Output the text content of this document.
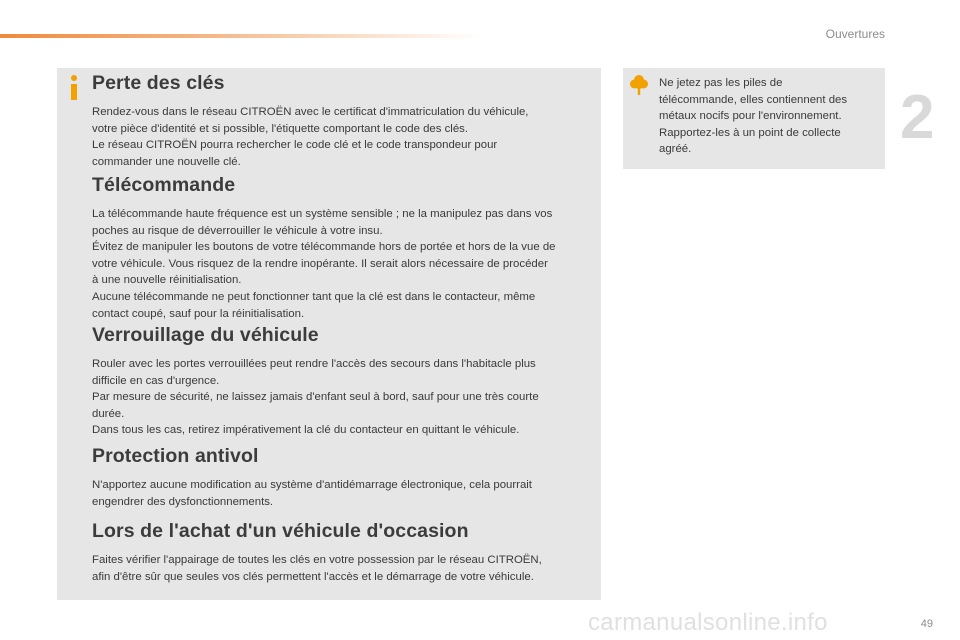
Ouvertures
2
Perte des clés

Rendez-vous dans le réseau CITROËN avec le certificat d'immatriculation du véhicule,
votre pièce d'identité et si possible, l'étiquette comportant le code des clés.
Le réseau CITROËN pourra rechercher le code clé et le code transpondeur pour
commander une nouvelle clé.

Télécommande

La télécommande haute fréquence est un système sensible ; ne la manipulez pas dans vos
poches au risque de déverrouiller le véhicule à votre insu.
Évitez de manipuler les boutons de votre télécommande hors de portée et hors de la vue de
votre véhicule. Vous risquez de la rendre inopérante. Il serait alors nécessaire de procéder
à une nouvelle réinitialisation.
Aucune télécommande ne peut fonctionner tant que la clé est dans le contacteur, même
contact coupé, sauf pour la réinitialisation.

Verrouillage du véhicule

Rouler avec les portes verrouillées peut rendre l'accès des secours dans l'habitacle plus
difficile en cas d'urgence.
Par mesure de sécurité, ne laissez jamais d'enfant seul à bord, sauf pour une très courte
durée.
Dans tous les cas, retirez impérativement la clé du contacteur en quittant le véhicule.

Protection antivol

N'apportez aucune modification au système d'antidémarrage électronique, cela pourrait
engendrer des dysfonctionnements.

Lors de l'achat d'un véhicule d'occasion

Faites vérifier l'appairage de toutes les clés en votre possession par le réseau CITROËN,
afin d'être sûr que seules vos clés permettent l'accès et le démarrage de votre véhicule.

Ne jetez pas les piles de
télécommande, elles contiennent des
métaux nocifs pour l'environnement.
Rapportez-les à un point de collecte
agréé.

49
carmanualsonline.info
